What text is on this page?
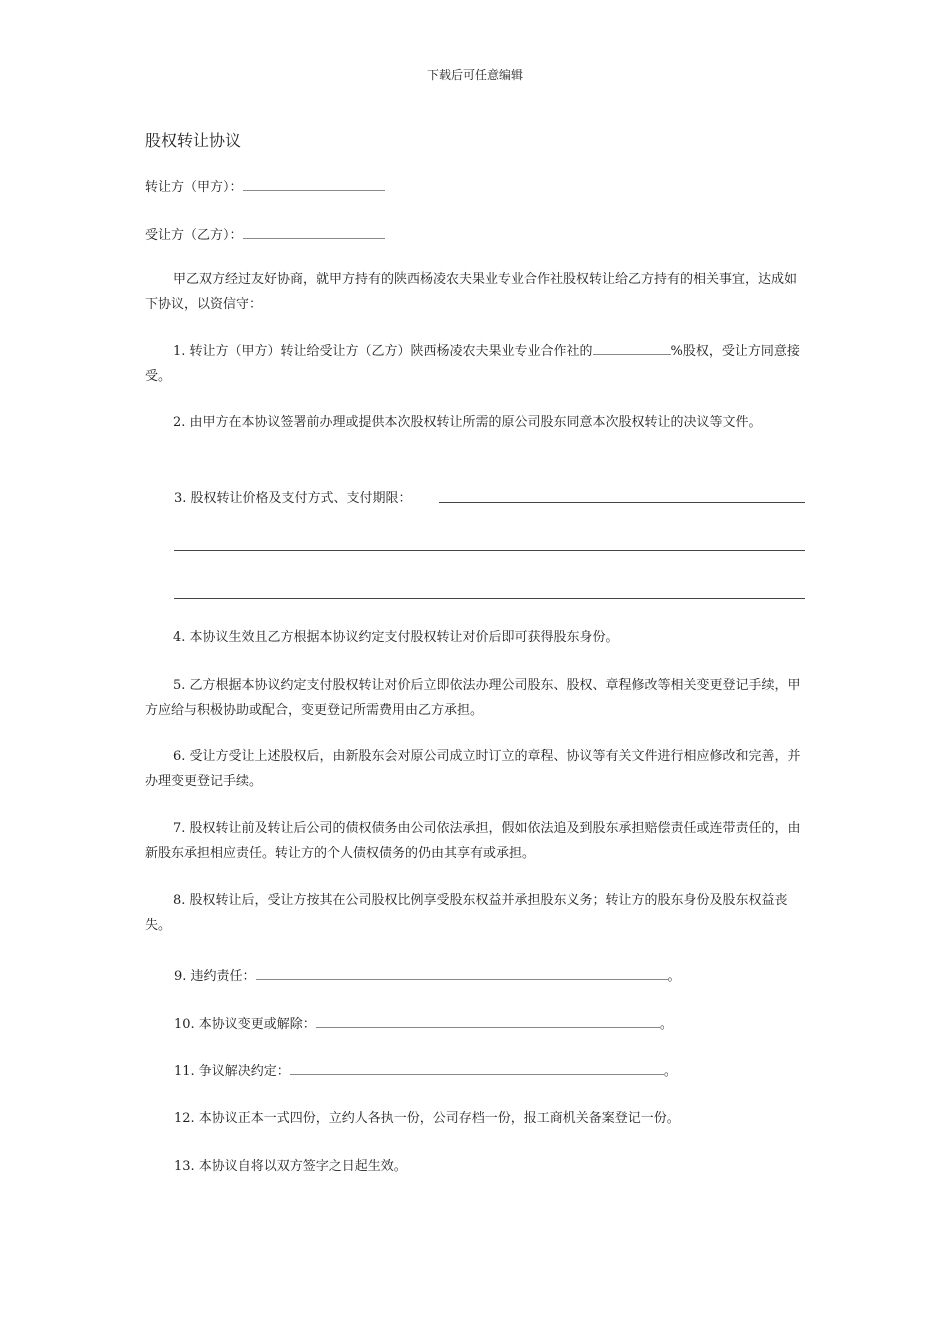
下载后可任意编辑
股权转让协议
转让方（甲方）：
受让方（乙方）：
甲乙双方经过友好协商，就甲方持有的陕西杨凌农夫果业专业合作社股权转让给乙方持有的相关事宜，达成如下协议，以资信守：
1. 转让方（甲方）转让给受让方（乙方）陕西杨凌农夫果业专业合作社的	%股权，受让方同意接受。
2. 由甲方在本协议签署前办理或提供本次股权转让所需的原公司股东同意本次股权转让的决议等文件。
3. 股权转让价格及支付方式、支付期限：
4. 本协议生效且乙方根据本协议约定支付股权转让对价后即可获得股东身份。
5. 乙方根据本协议约定支付股权转让对价后立即依法办理公司股东、股权、章程修改等相关变更登记手续，甲方应给与积极协助或配合，变更登记所需费用由乙方承担。
6. 受让方受让上述股权后，由新股东会对原公司成立时订立的章程、协议等有关文件进行相应修改和完善，并办理变更登记手续。
7. 股权转让前及转让后公司的债权债务由公司依法承担，假如依法追及到股东承担赔偿责任或连带责任的，由新股东承担相应责任。转让方的个人债权债务的仍由其享有或承担。
8. 股权转让后，受让方按其在公司股权比例享受股东权益并承担股东义务；转让方的股东身份及股东权益丧失。
9. 违约责任：	。
10. 本协议变更或解除：	。
11. 争议解决约定：	。
12. 本协议正本一式四份，立约人各执一份，公司存档一份，报工商机关备案登记一份。
13. 本协议自将以双方签字之日起生效。
